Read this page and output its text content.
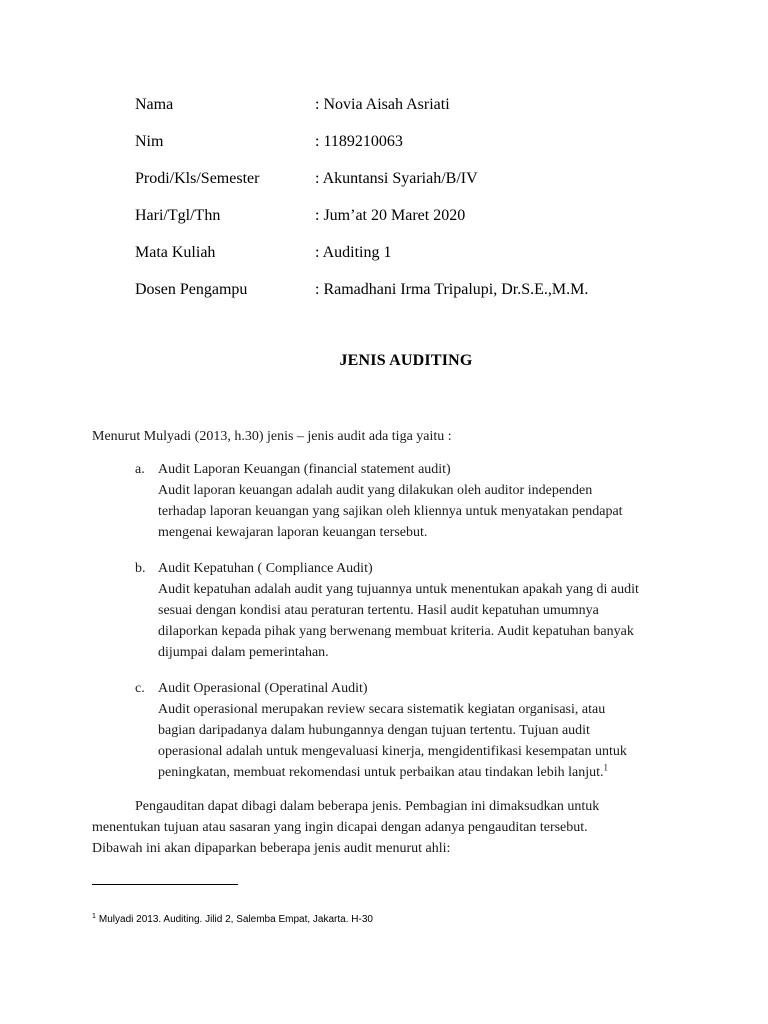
Nama	: Novia Aisah Asriati
Nim	: 1189210063
Prodi/Kls/Semester	: Akuntansi Syariah/B/IV
Hari/Tgl/Thn	: Jum’at 20 Maret 2020
Mata Kuliah	: Auditing 1
Dosen Pengampu	: Ramadhani Irma Tripalupi, Dr.S.E.,M.M.
JENIS AUDITING
Menurut Mulyadi (2013, h.30) jenis – jenis audit ada tiga yaitu :
a. Audit Laporan Keuangan (financial statement audit)
Audit laporan keuangan adalah audit yang dilakukan oleh auditor independen
terhadap laporan keuangan yang sajikan oleh kliennya untuk menyatakan pendapat
mengenai kewajaran laporan keuangan tersebut.
b. Audit Kepatuhan ( Compliance Audit)
Audit kepatuhan adalah audit yang tujuannya untuk menentukan apakah yang di audit
sesuai dengan kondisi atau peraturan tertentu. Hasil audit kepatuhan umumnya
dilaporkan kepada pihak yang berwenang membuat kriteria. Audit kepatuhan banyak
dijumpai dalam pemerintahan.
c. Audit Operasional (Operatinal Audit)
Audit operasional merupakan review secara sistematik kegiatan organisasi, atau
bagian daripadanya dalam hubungannya dengan tujuan tertentu. Tujuan audit
operasional adalah untuk mengevaluasi kinerja, mengidentifikasi kesempatan untuk
peningkatan, membuat rekomendasi untuk perbaikan atau tindakan lebih lanjut.$^1$
Pengauditan dapat dibagi dalam beberapa jenis. Pembagian ini dimaksudkan untuk
menentukan tujuan atau sasaran yang ingin dicapai dengan adanya pengauditan tersebut.
Dibawah ini akan dipaparkan beberapa jenis audit menurut ahli:
$^1$ Mulyadi 2013. Auditing. Jilid 2, Salemba Empat, Jakarta. H-30
